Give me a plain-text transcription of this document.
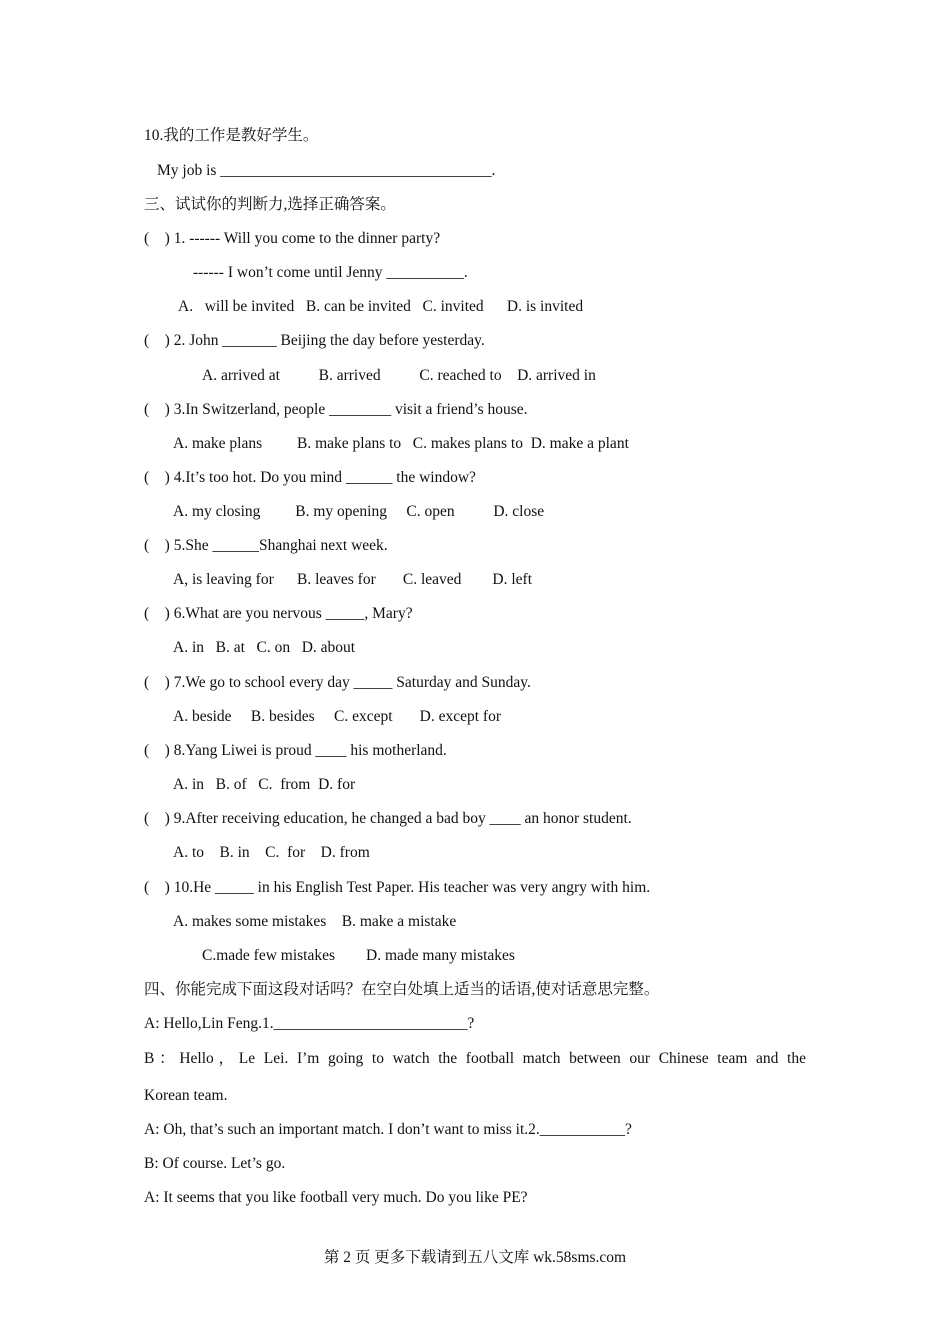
10.我的工作是教好学生。
My job is ___________________________________.
三、试试你的判断力,选择正确答案。
(    ) 1. ------ Will you come to the dinner party?
------ I won’t come until Jenny __________.
A.   will be invited   B. can be invited   C. invited      D. is invited
(    ) 2. John _______ Beijing the day before yesterday.
A. arrived at          B. arrived          C. reached to    D. arrived in
(    ) 3.In Switzerland, people ________ visit a friend’s house.
A. make plans         B. make plans to   C. makes plans to  D. make a plant
(    ) 4.It’s too hot. Do you mind ______ the window?
A. my closing         B. my opening     C. open          D. close
(    ) 5.She ______Shanghai next week.
A, is leaving for      B. leaves for       C. leaved        D. left
(    ) 6.What are you nervous _____, Mary?
A. in   B. at   C. on   D. about
(    ) 7.We go to school every day _____ Saturday and Sunday.
A. beside     B. besides     C. except       D. except for
(    ) 8.Yang Liwei is proud ____ his motherland.
A. in   B. of   C.  from  D. for
(    ) 9.After receiving education, he changed a bad boy ____ an honor student.
A. to    B. in    C.  for    D. from
(    ) 10.He _____ in his English Test Paper. His teacher was very angry with him.
A. makes some mistakes    B. make a mistake
C.made few mistakes        D. made many mistakes
四、你能完成下面这段对话吗？在空白处填上适当的话语,使对话意思完整。
A: Hello,Lin Feng.1._________________________?
B：Hello，Le Lei. I’m going to watch the football match between our Chinese team and the
Korean team.
A: Oh, that’s such an important match. I don’t want to miss it.2.___________?
B: Of course. Let’s go.
A: It seems that you like football very much. Do you like PE?
第 2 页 更多下载请到五八文库 wk.58sms.com
